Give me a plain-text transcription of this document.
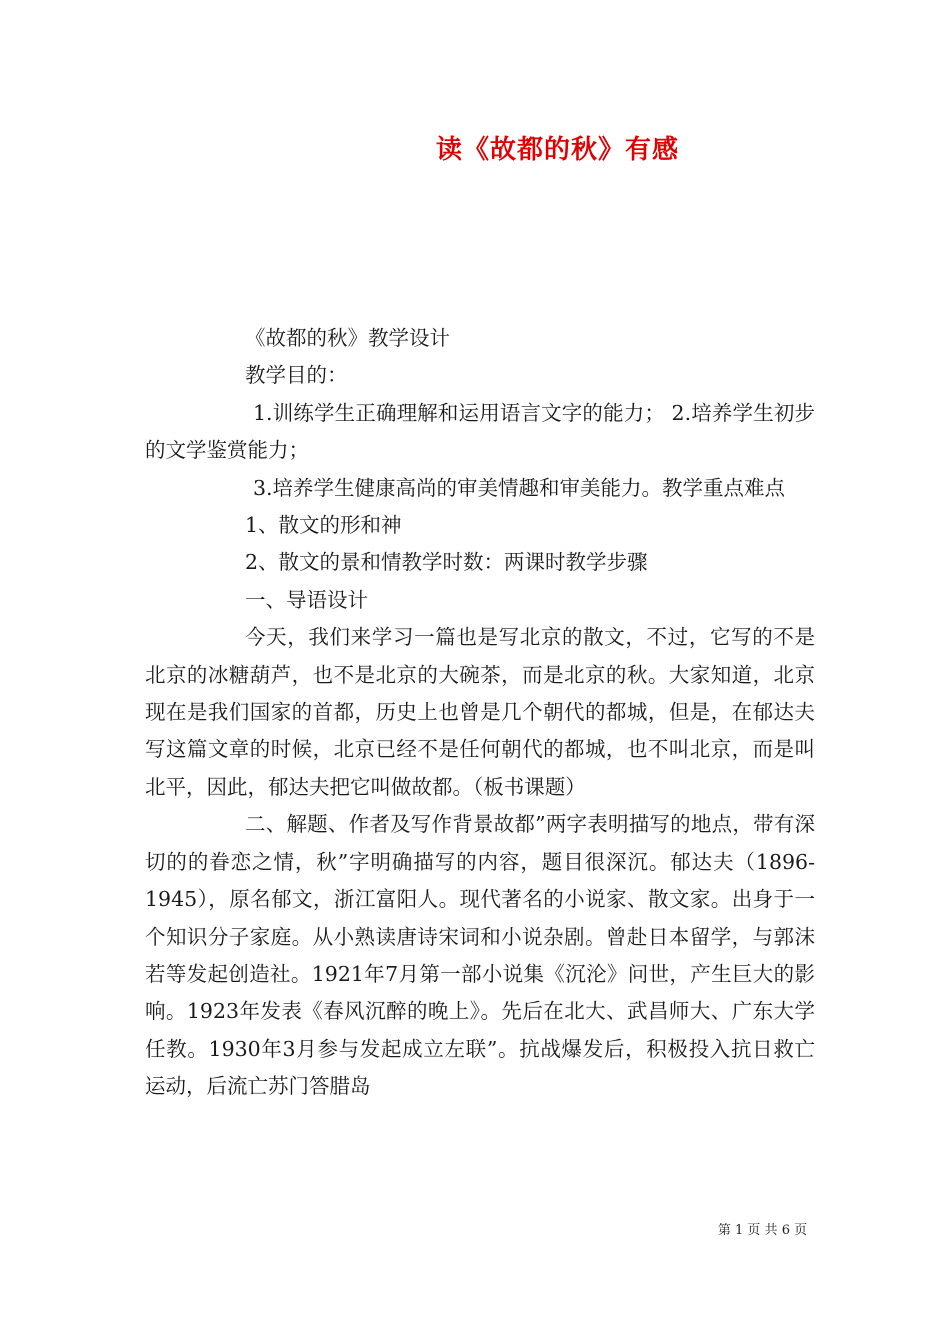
读《故都的秋》有感

《故都的秋》教学设计

教学目的：

1.训练学生正确理解和运用语言文字的能力； 2.培养学生初步的文学鉴赏能力；

3.培养学生健康高尚的审美情趣和审美能力。教学重点难点

1、散文的形和神

2、散文的景和情教学时数：两课时教学步骤

一、导语设计

今天，我们来学习一篇也是写北京的散文，不过，它写的不是北京的冰糖葫芦，也不是北京的大碗茶，而是北京的秋。大家知道，北京现在是我们国家的首都，历史上也曾是几个朝代的都城，但是，在郁达夫写这篇文章的时候，北京已经不是任何朝代的都城，也不叫北京，而是叫北平，因此，郁达夫把它叫做故都。（板书课题）

二、解题、作者及写作背景故都”两字表明描写的地点，带有深切的的眷恋之情，秋”字明确描写的内容，题目很深沉。郁达夫（1896-1945），原名郁文，浙江富阳人。现代著名的小说家、散文家。出身于一个知识分子家庭。从小熟读唐诗宋词和小说杂剧。曾赴日本留学，与郭沫若等发起创造社。1921年7月第一部小说集《沉沦》问世，产生巨大的影响。1923年发表《春风沉醉的晚上》。先后在北大、武昌师大、广东大学任教。1930年3月参与发起成立左联”。抗战爆发后，积极投入抗日救亡运动，后流亡苏门答腊岛

第 1 页 共 6 页
